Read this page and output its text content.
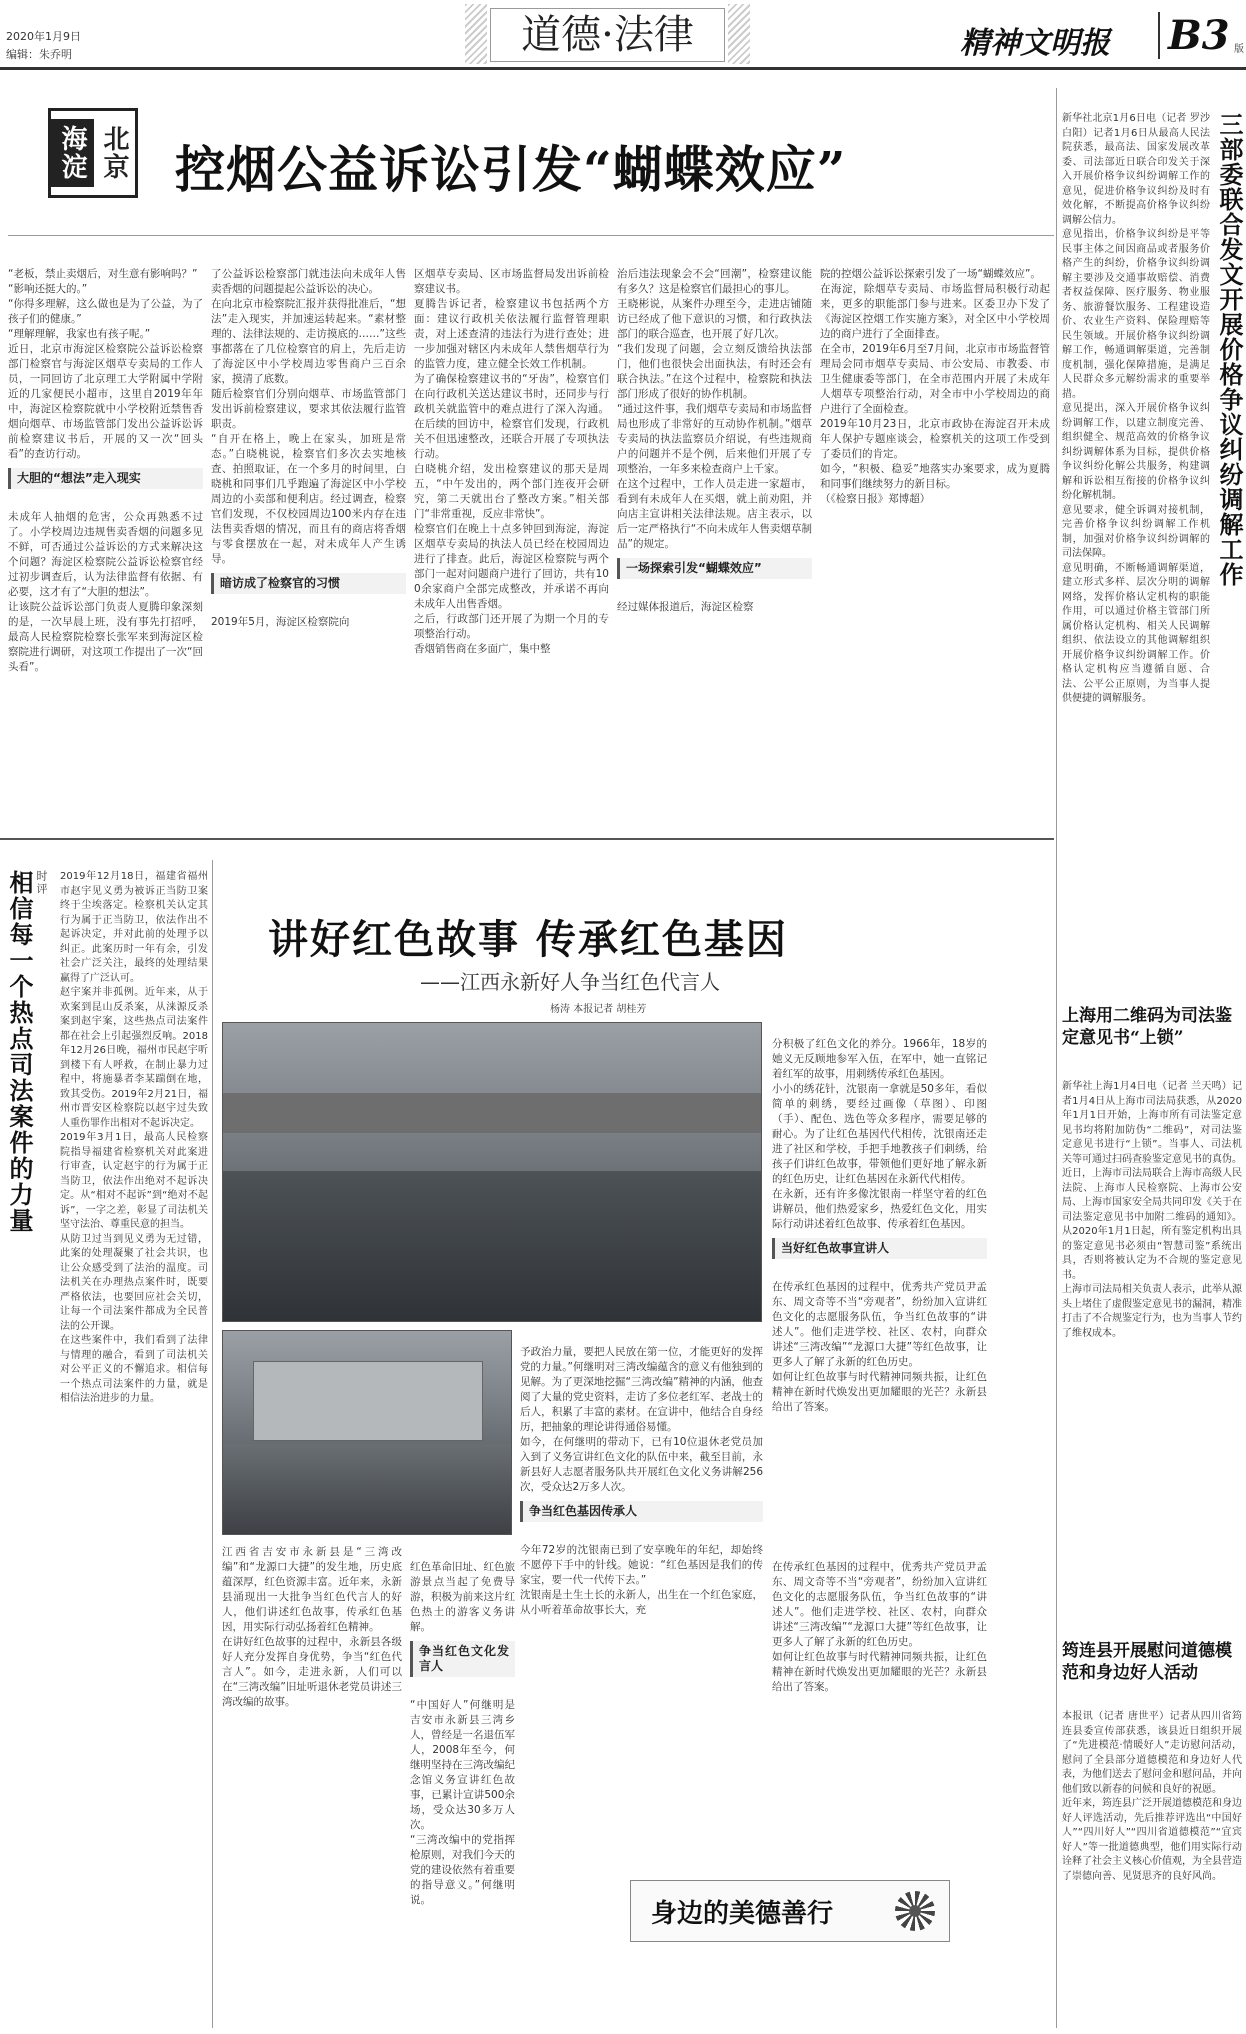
2020年1月9日
编辑：朱乔明	道德·法律	精神文明报 B3 版
北京
海淀 控烟公益诉讼引发“蝴蝶效应”

“老板，禁止卖烟后，对生意有影响吗？”
“影响还挺大的。”
“你得多理解，这么做也是为了公益，为了孩子们的健康。”
“理解理解，我家也有孩子呢。”
近日，北京市海淀区检察院公益诉讼检察部门检察官与海淀区烟草专卖局的工作人员，一同回访了北京理工大学附属中学附近的几家便民小超市，这里自2019年年中，海淀区检察院就中小学校附近禁售香烟向烟草、市场监管部门发出公益诉讼诉前检察建议书后，开展的又一次“回头看”的查访行动。

大胆的“想法”走入现实

未成年人抽烟的危害，公众再熟悉不过了。小学校周边违规售卖香烟的问题多见不鲜，可否通过公益诉讼的方式来解决这个问题？海淀区检察院公益诉讼检察官经过初步调查后，认为法律监督有依据、有必要，这才有了“大胆的想法”。
让该院公益诉讼部门负责人夏腾印象深刻的是，一次早晨上班，没有事先打招呼，最高人民检察院检察长张军来到海淀区检察院进行调研，对这项工作提出了一次“回头看”。

了公益诉讼检察部门就违法向未成年人售卖香烟的问题提起公益诉讼的决心。
在向北京市检察院汇报并获得批准后，“想法”走入现实，并加速运转起来。“素材整理的、法律法规的、走访摸底的……”这些事都落在了几位检察官的肩上，先后走访了海淀区中小学校周边零售商户三百余家，摸清了底数。
随后检察官们分别向烟草、市场监管部门发出诉前检察建议，要求其依法履行监管职责。
“自开在格上，晚上在家头，加班是常态。”白晓桃说，检察官们多次去实地核查、拍照取证，在一个多月的时间里，白晓桃和同事们几乎跑遍了海淀区中小学校周边的小卖部和便利店。经过调查，检察官们发现，不仅校园周边100米内存在违法售卖香烟的情况，而且有的商店将香烟与零食摆放在一起，对未成年人产生诱导。

暗访成了检察官的习惯

2019年5月，海淀区检察院向

区烟草专卖局、区市场监督局发出诉前检察建议书。
夏腾告诉记者，检察建议书包括两个方面：建议行政机关依法履行监督管理职责，对上述查清的违法行为进行查处；进一步加强对辖区内未成年人禁售烟草行为的监管力度，建立健全长效工作机制。
为了确保检察建议书的“牙齿”，检察官们在向行政机关送达建议书时，还同步与行政机关就监管中的难点进行了深入沟通。在后续的回访中，检察官们发现，行政机关不但迅速整改，还联合开展了专项执法行动。
白晓桃介绍，发出检察建议的那天是周五，“中午发出的，两个部门连夜开会研究，第二天就出台了整改方案。”相关部门“非常重视，反应非常快”。
检察官们在晚上十点多钟回到海淀，海淀区烟草专卖局的执法人员已经在校园周边进行了排查。此后，海淀区检察院与两个部门一起对问题商户进行了回访，共有100余家商户全部完成整改，并承诺不再向未成年人出售香烟。
之后，行政部门还开展了为期一个月的专项整治行动。
香烟销售商在多面广，集中整

治后违法现象会不会“回潮”，检察建议能有多久？这是检察官们最担心的事儿。
王晓彬说，从案件办理至今，走进店铺随访已经成了他下意识的习惯，和行政执法部门的联合巡查，也开展了好几次。
“我们发现了问题，会立刻反馈给执法部门，他们也很快会出面执法，有时还会有联合执法。”在这个过程中，检察院和执法部门形成了很好的协作机制。
“通过这件事，我们烟草专卖局和市场监督局也形成了非常好的互动协作机制。”烟草专卖局的执法监察员介绍说，有些违规商户的问题并不是个例，后来他们开展了专项整治，一年多来检查商户上千家。
在这个过程中，工作人员走进一家超市，看到有未成年人在买烟，就上前劝阻，并向店主宣讲相关法律法规。店主表示，以后一定严格执行“不向未成年人售卖烟草制品”的规定。

一场探索引发“蝴蝶效应”

经过媒体报道后，海淀区检察

院的控烟公益诉讼探索引发了一场“蝴蝶效应”。
在海淀，除烟草专卖局、市场监督局积极行动起来，更多的职能部门参与进来。区委卫办下发了《海淀区控烟工作实施方案》，对全区中小学校周边的商户进行了全面排查。
在全市，2019年6月至7月间，北京市市场监督管理局会同市烟草专卖局、市公安局、市教委、市卫生健康委等部门，在全市范围内开展了未成年人烟草专项整治行动，对全市中小学校周边的商户进行了全面检查。
2019年10月23日，北京市政协在海淀召开未成年人保护专题座谈会，检察机关的这项工作受到了委员们的肯定。
如今，“积极、稳妥”地落实办案要求，成为夏腾和同事们继续努力的新目标。
（《检察日报》郑博超）

新华社北京1月6日电（记者 罗沙 白阳）记者1月6日从最高人民法院获悉，最高法、国家发展改革委、司法部近日联合印发关于深入开展价格争议纠纷调解工作的意见，促进价格争议纠纷及时有效化解，不断提高价格争议纠纷调解公信力。
意见指出，价格争议纠纷是平等民事主体之间因商品或者服务价格产生的纠纷，价格争议纠纷调解主要涉及交通事故赔偿、消费者权益保障、医疗服务、物业服务、旅游餐饮服务、工程建设造价、农业生产资料、保险理赔等民生领域。开展价格争议纠纷调解工作，畅通调解渠道，完善制度机制，强化保障措施，是满足人民群众多元解纷需求的重要举措。
意见提出，深入开展价格争议纠纷调解工作，以建立制度完善、组织健全、规范高效的价格争议纠纷调解体系为目标，提供价格争议纠纷化解公共服务，构建调解和诉讼相互衔接的价格争议纠纷化解机制。
意见要求，健全诉调对接机制，完善价格争议纠纷调解工作机制，加强对价格争议纠纷调解的司法保障。
意见明确，不断畅通调解渠道，建立形式多样、层次分明的调解网络，发挥价格认定机构的职能作用，可以通过价格主管部门所属价格认定机构、相关人民调解组织、依法设立的其他调解组织开展价格争议纠纷调解工作。价格认定机构应当遵循自愿、合法、公平公正原则，为当事人提供便捷的调解服务。
三部委联合发文开展价格争议纠纷调解工作
上海用二维码为司法鉴定意见书“上锁”
新华社上海1月4日电（记者 兰天鸣）记者1月4日从上海市司法局获悉，从2020年1月1日开始，上海市所有司法鉴定意见书均将附加防伪“二维码”，对司法鉴定意见书进行“上锁”。当事人、司法机关等可通过扫码查验鉴定意见书的真伪。
近日，上海市司法局联合上海市高级人民法院、上海市人民检察院、上海市公安局、上海市国家安全局共同印发《关于在司法鉴定意见书中加附二维码的通知》。从2020年1月1日起，所有鉴定机构出具的鉴定意见书必须由“智慧司鉴”系统出具，否则将被认定为不合规的鉴定意见书。
上海市司法局相关负责人表示，此举从源头上堵住了虚假鉴定意见书的漏洞，精准打击了不合规鉴定行为，也为当事人节约了维权成本。
筠连县开展慰问道德模范和身边好人活动
本报讯（记者 唐世平）记者从四川省筠连县委宣传部获悉，该县近日组织开展了“先进模范·情暖好人”走访慰问活动，慰问了全县部分道德模范和身边好人代表，为他们送去了慰问金和慰问品，并向他们致以新春的问候和良好的祝愿。
近年来，筠连县广泛开展道德模范和身边好人评选活动，先后推荐评选出“中国好人”“四川好人”“四川省道德模范”“宜宾好人”等一批道德典型，他们用实际行动诠释了社会主义核心价值观，为全县营造了崇德向善、见贤思齐的良好风尚。
相信每一个热点司法案件的力量 时评 2019年12月18日，福建省福州市赵宇见义勇为被诉正当防卫案终于尘埃落定。检察机关认定其行为属于正当防卫，依法作出不起诉决定，并对此前的处理予以纠正。此案历时一年有余，引发社会广泛关注，最终的处理结果赢得了广泛认可。
赵宇案并非孤例。近年来，从于欢案到昆山反杀案，从涞源反杀案到赵宇案，这些热点司法案件都在社会上引起强烈反响。2018年12月26日晚，福州市民赵宇听到楼下有人呼救，在制止暴力过程中，将施暴者李某踹倒在地，致其受伤。2019年2月21日，福州市晋安区检察院以赵宇过失致人重伤罪作出相对不起诉决定。
2019年3月1日，最高人民检察院指导福建省检察机关对此案进行审查，认定赵宇的行为属于正当防卫，依法作出绝对不起诉决定。从“相对不起诉”到“绝对不起诉”，一字之差，彰显了司法机关坚守法治、尊重民意的担当。
从防卫过当到见义勇为无过错，此案的处理凝聚了社会共识，也让公众感受到了法治的温度。司法机关在办理热点案件时，既要严格依法，也要回应社会关切，让每一个司法案件都成为全民普法的公开课。
在这些案件中，我们看到了法律与情理的融合，看到了司法机关对公平正义的不懈追求。相信每一个热点司法案件的力量，就是相信法治进步的力量。
讲好红色故事 传承红色基因
——江西永新好人争当红色代言人
杨涛 本报记者 胡桂芳

分积极了红色文化的养分。1966年，18岁的她义无反顾地参军入伍，在军中，她一直铭记着红军的故事，用刺绣传承红色基因。
小小的绣花针，沈银南一拿就是50多年，看似简单的刺绣，要经过画像（草图）、印图（手）、配色、选色等众多程序，需要足够的耐心。为了让红色基因代代相传，沈银南还走进了社区和学校，手把手地教孩子们刺绣，给孩子们讲红色故事，带领他们更好地了解永新的红色历史，让红色基因在永新代代相传。
在永新，还有许多像沈银南一样坚守着的红色讲解员，他们热爱家乡，热爱红色文化，用实际行动讲述着红色故事、传承着红色基因。

当好红色故事宣讲人

在传承红色基因的过程中，优秀共产党员尹孟东、周文奇等不当“旁观者”，纷纷加入宣讲红色文化的志愿服务队伍，争当红色故事的“讲述人”。他们走进学校、社区、农村，向群众讲述“三湾改编”“龙源口大捷”等红色故事，让更多人了解了永新的红色历史。
如何让红色故事与时代精神同频共振，让红色精神在新时代焕发出更加耀眼的光芒？永新县给出了答案。

予政治力量，要把人民放在第一位，才能更好的发挥党的力量。”何继明对三湾改编蕴含的意义有他独到的见解。为了更深地挖掘“三湾改编”精神的内涵，他查阅了大量的党史资料，走访了多位老红军、老战士的后人，积累了丰富的素材。在宣讲中，他结合自身经历，把抽象的理论讲得通俗易懂。
如今，在何继明的带动下，已有10位退休老党员加入到了义务宣讲红色文化的队伍中来，截至目前，永新县好人志愿者服务队共开展红色文化义务讲解256次，受众达2万多人次。

争当红色基因传承人

今年72岁的沈银南已到了安享晚年的年纪，却始终不愿停下手中的针线。她说：“红色基因是我们的传家宝，要一代一代传下去。”
沈银南是土生土长的永新人，出生在一个红色家庭，从小听着革命故事长大，充

江西省吉安市永新县是“三湾改编”和“龙源口大捷”的发生地，历史底蕴深厚，红色资源丰富。近年来，永新县涌现出一大批争当红色代言人的好人，他们讲述红色故事，传承红色基因，用实际行动弘扬着红色精神。
在讲好红色故事的过程中，永新县各级好人充分发挥自身优势，争当“红色代言人”。如今，走进永新，人们可以在“三湾改编”旧址听退休老党员讲述三湾改编的故事。

红色革命旧址、红色旅游景点当起了免费导游，积极为前来这片红色热土的游客义务讲解。

争当红色文化发言人

“中国好人”何继明是吉安市永新县三湾乡人，曾经是一名退伍军人，2008年至今，何继明坚持在三湾改编纪念馆义务宣讲红色故事，已累计宣讲500余场，受众达30多万人次。
“三湾改编中的党指挥枪原则，对我们今天的党的建设依然有着重要的指导意义。”何继明说。

在传承红色基因的过程中，优秀共产党员尹孟东、周文奇等不当“旁观者”，纷纷加入宣讲红色文化的志愿服务队伍，争当红色故事的“讲述人”。他们走进学校、社区、农村，向群众讲述“三湾改编”“龙源口大捷”等红色故事，让更多人了解了永新的红色历史。
如何让红色故事与时代精神同频共振，让红色精神在新时代焕发出更加耀眼的光芒？永新县给出了答案。

身边的美德善行
